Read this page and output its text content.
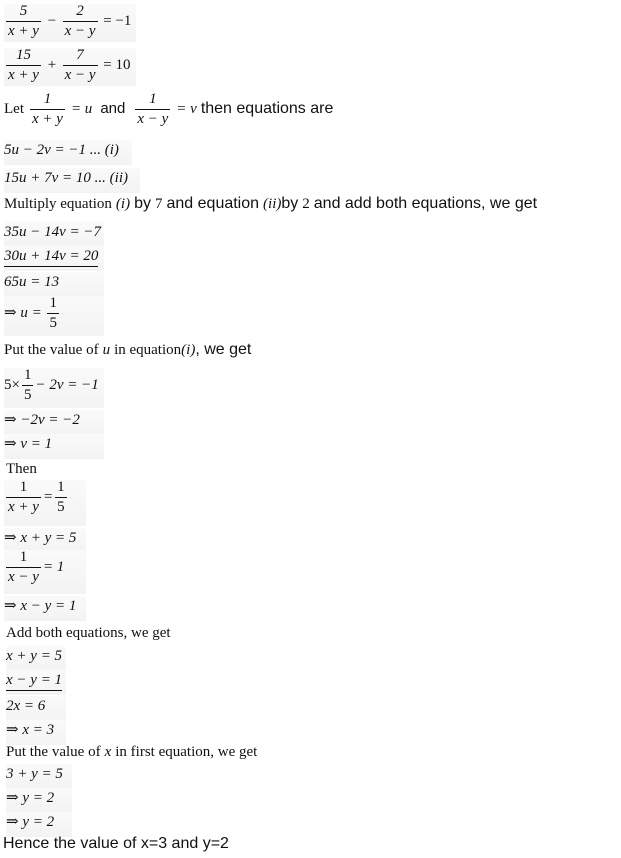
$\frac{5}{x + y} - \frac{2}{x - y} = -1$
$\frac{15}{x + y} + \frac{7}{x - y} = 10$
Let $\frac{1}{x + y} = u$ and $\frac{1}{x - y} = v$ then equations are
5u − 2v = −1 ... (i)
15u + 7v = 10 ... (ii)
Multiply equation (i) by 7 and equation (ii)by 2 and add both equations, we get
35u − 14v = −7
30u + 14v = 20
65u = 13
⇒ $u = \frac{1}{5}$
Put the value of u in equation(i), we get
$5\times \frac{1}{5} - 2v = -1$
⇒ −2v = −2
⇒ v = 1
Then
$\frac{1}{x + y} = \frac{1}{5}$
⇒ x + y = 5
$\frac{1}{x - y} = 1$
⇒ x − y = 1
Add both equations, we get
x + y = 5
x − y = 1
2x = 6
⇒ x = 3
Put the value of x in first equation, we get
3 + y = 5
⇒ y = 2
⇒ y = 2
Hence the value of x=3 and y=2
